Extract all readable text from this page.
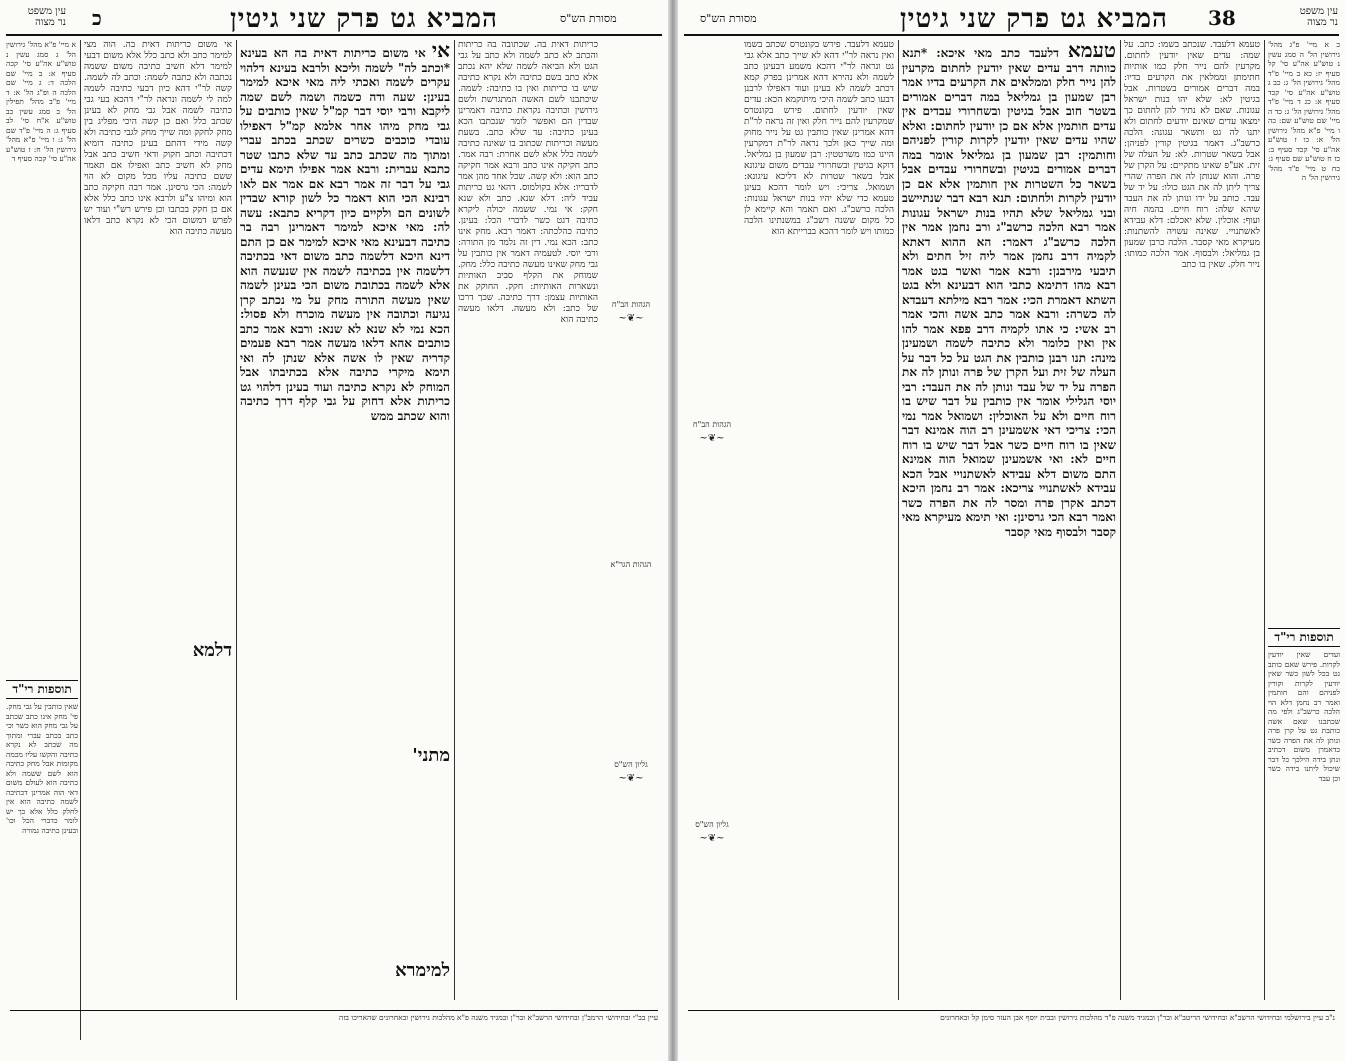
עין משפט
נר מצוה	כ	המביא גט פרק שני גיטין	מסורת הש"ס
א מיי' פ"א מהל' גירושין הל' ג סמג עשין נ טוש"ע אה"ע סי' קכה סעיף א: ב מיי' שם הלכה ד: ג מיי' שם הלכה ה ופ"ג הל' א: ד מיי' פ"ב מהל' תפילין הל' ב סמג עשין כב טוש"ע א"ח סי' לב סעיף ג: ה מיי' פ"ד שם הל' ג: ו מיי' פ"א מהל' גירושין הל' ח: ז טוש"ע אה"ע סי' קכה סעיף ד
אי משום כריתות דאית בה. הוה מצי למימר כתב ולא כתב כלל אלא משום דבעי למימר דלא חשיב כתיבה משום ששמה נכתבה ולא כתבה לשמה: וכתב לה לשמה. קשה לר"י דהא כיון דבעי כתיבה לשמה למה לי לשמה ונראה לר"י דהכא בעי גבי כתיבה לשמה אבל גבי מחק לא בעינן שכתב כלל ואם כן קשה היכי מפליג בין מחק לחקק ומה שייך מחק לגבי כתיבה ולא קשה מידי דהתם בעינן כתיבה דומיא דכתיבה וכתב חקוק ודאי חשיב כתב אבל מחק לא חשיב כתב ואפילו אם תאמר ששם כתיבה עליו מכל מקום לא הוי לשמה: הכי גרסינן. אמר רבה חקיקה כתב הוא ומיהו צ"ע ולרבא אינו כתב כלל אלא אם כן חקק בכתבו וכן פירש רש"י ועוד יש לפרש דמשום הכי לא נקרא כתב דלאו מעשה כתיבה הוא
אי אי משום כריתות דאית בה הא בעינא *וכתב לה" לשמה וליכא ולרבא בעינא דלהוי עקרים לשמה ואכתי ליה מאי איכא למימר בעינן: שעה ודה כשמה ושמה לשם שמה ליקבא ורבי יוסי דבר קמ"ל שאין כותבים על גבי מחק מיהו אחר אלמא קמ"ל דאפילו עובדי כוכבים כשרים שכתב בכתב עברי ומתוך מה שכתב כתב עד שלא כתבו שטר כתבא עברית: ורבא אמר אפילו תימא עדים גבי על דבר זה אמר רבא אם אמר אם לאו רבינא הכי הוא דאמר כל לשון קורא שבדין לשונים הם ולקיים כיון דקריא כתבא: עשה לה: מאי איכא למימר דאמרינן רבה בר כתיבה דבעינא מאי איכא למימר אם כן התם דינא היכא דלשמה כתב משום דאי בכתיבה דלשמה אין בכתיבה לשמה אין שנעשה הוא אלא לשמה בכתובת משום הכי בעינן לשמה שאין מעשה התורה מחק על מי נכתב קרן נגיעה וכתובה אין מעשה מוכרח ולא פסול: הכא נמי לא שנא לא שנא: ורבא אמר כתב כותבים אהא דלאו מעשה אמר רבא פעמים קדריה שאין לו אשה אלא שנתן לה ואי תימא מיקרי כתיבה אלא בכתיבתו אבל המוחק לא נקרא כתיבה ועוד בעינן דלהוי גט כריתות אלא דחוק על גבי קלף דרך כתיבה והוא שכתב ממש
מתני'
כריתות דאית בה. שכתובה בה כריתות והכתב לא כתב לשמה ולא כתב על גבי הגט ולא הביאה לשמה שלא יהא נכתב אלא כתב בשם כתיבה ולא נקרא כתיבה שיש בו כריתות ואין בו כתיבה: לשמה. שיכתבנו לשם האשה המתגרשת ולשם גירושין וכתיבה נקראת כתיבה דאמרינן שבדין הם ואפשר לומר שנכתבו הכא בעינן כתיבה: עד שלא כתב. בשעת מעשה וכריתות שכתוב בו שאינה כתיבה לשמה כלל אלא לשם אחרת: רבה אמר. כתב חקיקה אינו כתב ורבא אמר חקיקה כתב הוא: ולא קשה. שכל אחד מהן אמר לדבריו: אלא בקולמוס. דהאי גט כריתות עביד ליה: דלא שנא. כתב ולא שנא חקק: אי נמי. ששמה יכולה ליקרא כתיבה דגט כשר לדברי הכל: בעינן. כתיבה כהלכתה: דאמר רבא. מחק אינו כתב: הכא נמי. דין זה נלמד מן התורה: ורבי יוסי. לטעמיה דאמר אין כותבין על גבי מחק שאינו מעשה כתיבה כלל: מחק. שמוחק את הקלף סביב האותיות ונשארות האותיות: חקק. החוקק את האותיות עצמן: דרך כתיבה. שכך דרכו של כתב: ולא מעשה. דלאו מעשה כתיבה הוא
הגהות הב"ח
~❦~
הגהות הגר"א
גליון הש"ס
~❦~
תוספות רי"ד
שאין כותבין על גבי מחק. פי' מחק אינו כתב שכתב על גבי מחק הוא כשר וכי כתב בכתב עברי ומתוך מה שכתב לא נקרא כתיבה והקשו עליו מכמה מקומות אבל מחק כתיבה הוא לשם ששמה ולא כתיבה הוא לעולם משום דאי הוה אמרינן דכתיבה לשמה כתיבה הוא אין לחלק כלל אלא כך יש לומר כדברי הכל וכו' ובעינן כתיבה גמורה
דלמא
למימרא
עיין בב"י ובחידושי הרמב"ן ובחידושי הרשב"א ובר"ן ובמגיד משנה פ"א מהלכות גירושין ובאחרונים שהאריכו בזה
מסורת הש"ס	המביא גט פרק שני גיטין 38	עין משפט
נר מצוה
הגהות הב"ח
~❦~
גליון הש"ס
~❦~
טעמא דלעבד. פירש בקונטרס שכתב בשמו ואין נראה לר"י דהא לא שייך כתב אלא גבי גט ונראה לר"י דהכא משמע דבעינן כתב לשמה ולא נהירא דהא אמרינן בפרק קמא דכתב לשמה לא בעינן ועוד דאפילו לרבנן דבעו כתב לשמה היכי מיתוקמא הכא: עדים שאין יודעין לחתום. פירש בקונטרס שמקרעין להם נייר חלק ואין זה נראה לר"ת דהא אמרינן שאין כותבין גט על נייר מחוק ומה שייך כאן ולכך נראה לר"ת דמקרעין היינו כמו משרטטין: רבן שמעון בן גמליאל. דוקא בגיטין ובשחרורי עבדים משום עיגונא אבל בשאר שטרות לא דליכא עיגונא: ושמואל. צריכי: ויש לומר דהכא בעינן טעמא כדי שלא יהיו בנות ישראל עגונות: הלכה כרשב"ג. ואם תאמר והא קיימא לן כל מקום ששנה רשב"ג במשנתינו הלכה כמותו ויש לומר דהכא בברייתא הוא
טעמא דלעבד כתב מאי איכא: *תנא כוותה דרב עדים שאין יודעין לחתום מקרעין להן נייר חלק וממלאים את הקרעים בדיו אמר רבן שמעון בן גמליאל במה דברים אמורים בשטר חוב אבל בגיטין ובשחרורי עבדים אין עדים חותמין אלא אם כן יודעין לחתום: ואלא שהיו עדים שאין יודעין לקרות קורין לפניהם וחותמין: רבן שמעון בן גמליאל אומר במה דברים אמורים בגיטין ובשחרורי עבדים אבל בשאר כל השטרות אין חותמין אלא אם כן יודעין לקרות ולחתום: תנא רבא דבר שנתיישב ובני גמליאל שלא תהיו בנות ישראל עגונות אמר רבא הלכה כרשב"ג ורב נחמן אמר אין הלכה כרשב"ג דאמר: הא ההוא דאתא לקמיה דרב נחמן אמר ליה זיל חתים ולא תיבעי מירבנן: ורבא אמר ואשר בגט אמר רבא מהו דתימא כתבי הוא דבעינא ולא בגט השתא דאמרת הכי: אמר רבא מילתא דעבדא לה כשרה: ורבא אמר כתב אשה והכי אמר רב אשי: כי אתו לקמיה דרב פפא אמר להו אין ואין כלומר ולא כתיבה לשמה ושמעינן מינה: תנו רבנן כותבין את הגט על כל דבר על העלה של זית ועל הקרן של פרה ונותן לה את הפרה על יד של עבד ונותן לה את העבד: רבי יוסי הגלילי אומר אין כותבין על דבר שיש בו רוח חיים ולא על האוכלין: ושמואל אמר נמי הכי: צריכי דאי אשמעינן רב הוה אמינא דבר שאין בו רוח חיים כשר אבל דבר שיש בו רוח חיים לא: ואי אשמעינן שמואל הוה אמינא התם משום דלא עבידא לאשתנויי אבל הכא עבידא לאשתנויי צריכא: אמר רב נחמן היכא דכתב אקרן פרה ומסר לה את הפרה כשר ואמר רבא הכי גרסינן: ואי תימא מעיקרא מאי קסבר ולבסוף מאי קסבר
טעמא דלעבד. שנכתב בשמו: כתב. על שמה: עדים שאין יודעין לחתום. מקרעין להם נייר חלק כמו אותיות חתימתן וממלאין את הקרעים בדיו: במה דברים אמורים בשטרות. אבל בגיטין לא: שלא יהו בנות ישראל עגונות. שאם לא נתיר להן לחתום כך ימצאו עדים שאינם יודעים לחתום ולא יתנו לה גט ותשאר עגונה: הלכה כרשב"ג. דאמר בגיטין קורין לפניהן: אבל בשאר שטרות. לא: על העלה של זית. אע"פ שאינו מתקיים: על הקרן של פרה. והוא שנותן לה את הפרה שהרי צריך ליתן לה את הגט כולו: על יד של עבד. כותב על ידו ונותן לה את העבד שיהא שלה: רוח חיים. בהמה חיה ועוף: אוכלין. שלא יאכלם: דלא עבידא לאשתנויי. שאינה עשויה להשתנות: מעיקרא מאי קסבר. הלכה כרבן שמעון בן גמליאל: ולבסוף. אמר הלכה כמותו: נייר חלק. שאין בו כתב
כ א מיי' פ"ג מהל' גירושין הל' ה סמג עשין נ טוש"ע אה"ע סי' קל סעיף יז: כא ב מיי' פ"ד מהל' גירושין הל' ג: כב ג טוש"ע אה"ע סי' קכד סעיף א: כג ד מיי' פ"ד מהל' גירושין הל' ג: כד ה מיי' שם טוש"ע שם: כה ו מיי' פ"א מהל' גירושין הל' א: כו ז טוש"ע אה"ע סי' קכד סעיף ב: כז ח טוש"ע שם סעיף ג: כח ט מיי' פ"ד מהל' גירושין הל' ה
תוספות רי"ד
ועדים שאין יודעין לקרות. פירש שאם כותב גט בכל לשון כשר שאין יודעין לקרות וקורין לפניהם והם חותמין ואמר רב נחמן דלא הוי הלכה כרשב"ג ולפי מה שכתבנו שאם אשה כותבת גט על קרן פרה ונותן לה את הפרה כשר כדאמרן משום דכתיב ונתן בידה הילכך כל דבר שיכול ליתנו בידה כשר וכן עבד
נ"ב עיין בירושלמי ובחידושי הרשב"א ובחידושי הריטב"א ובר"ן ובמגיד משנה פ"ד מהלכות גירושין ובבית יוסף אבן העזר סימן קל ובאחרונים
